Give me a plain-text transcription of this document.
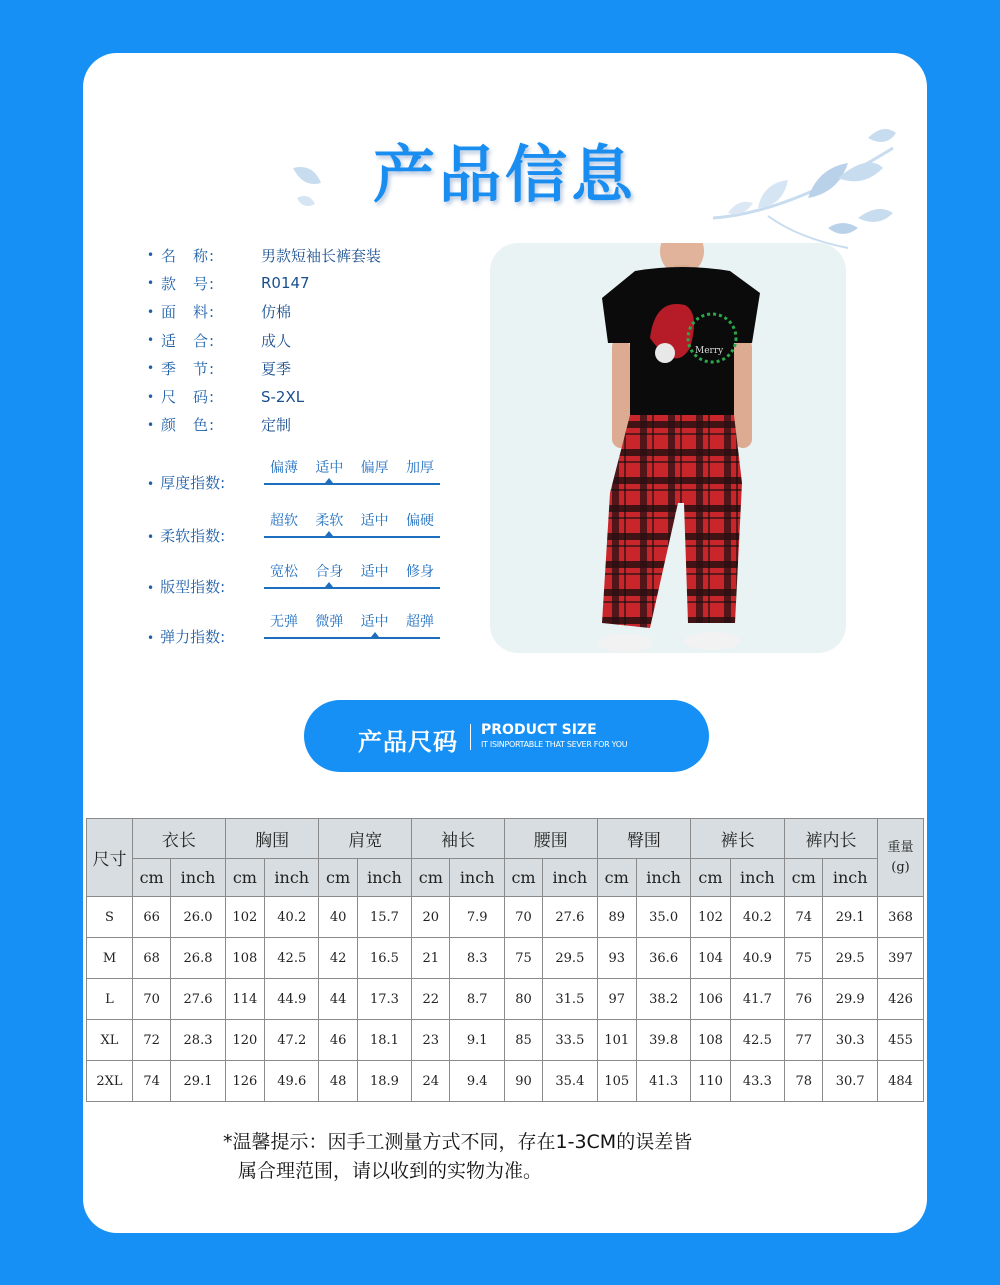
产品信息
• 名　称:	男款短袖长裤套装
• 款　号:	R0147
• 面　料:	仿棉
• 适　合:	成人
• 季　节:	夏季
• 尺　码:	S-2XL
• 颜　色:	定制
• 厚度指数:
偏薄	适中	偏厚	加厚
• 柔软指数:
超软	柔软	适中	偏硬
• 版型指数:
宽松	合身	适中	修身
• 弹力指数:
无弹	微弹	适中	超弹
Merry
产品尺码 PRODUCT SIZE
IT ISINPORTABLE THAT SEVER FOR YOU
尺寸	衣长		胸围		肩宽		袖长		腰围		臀围		裤长		裤内长		重量
(g)
	cm	inch	cm	inch	cm	inch	cm	inch	cm	inch	cm	inch	cm	inch	cm	inch	
S	66	26.0	102	40.2	40	15.7	20	7.9	70	27.6	89	35.0	102	40.2	74	29.1	368
M	68	26.8	108	42.5	42	16.5	21	8.3	75	29.5	93	36.6	104	40.9	75	29.5	397
L	70	27.6	114	44.9	44	17.3	22	8.7	80	31.5	97	38.2	106	41.7	76	29.9	426
XL	72	28.3	120	47.2	46	18.1	23	9.1	85	33.5	101	39.8	108	42.5	77	30.3	455
2XL	74	29.1	126	49.6	48	18.9	24	9.4	90	35.4	105	41.3	110	43.3	78	30.7	484
*温馨提示：因手工测量方式不同，存在1-3CM的误差皆
属合理范围，请以收到的实物为准。
